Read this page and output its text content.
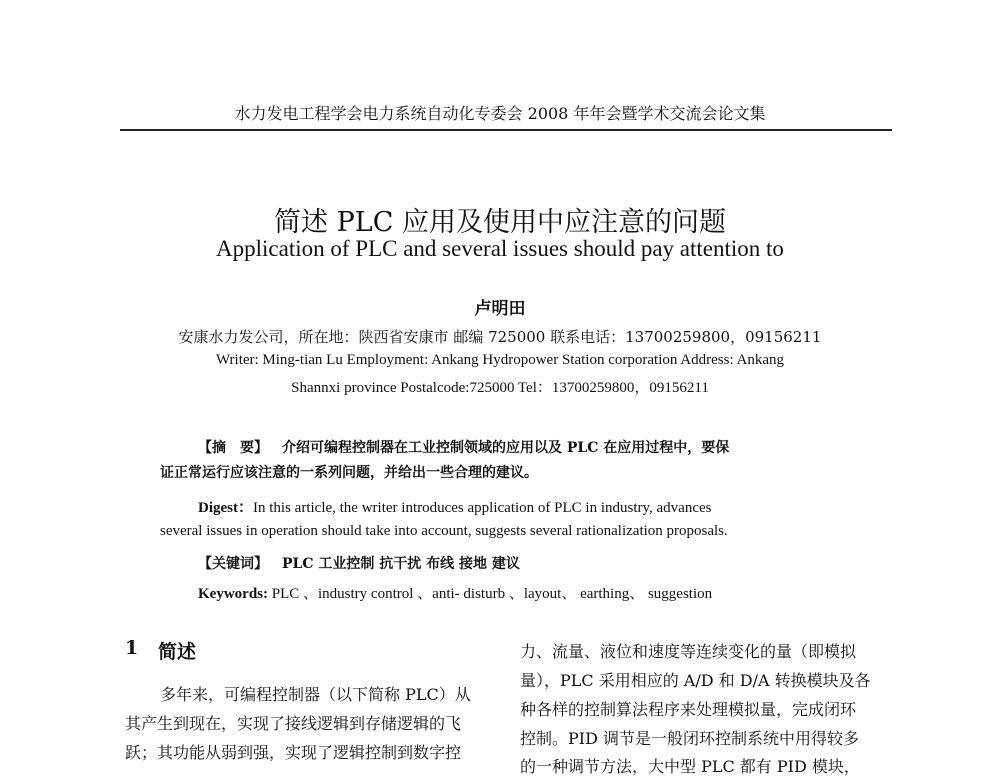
水力发电工程学会电力系统自动化专委会 2008 年年会暨学术交流会论文集
简述 PLC 应用及使用中应注意的问题
Application of PLC and several issues should pay attention to
卢明田
安康水力发公司，所在地：陕西省安康市 邮编 725000 联系电话：13700259800，09156211
Writer: Ming-tian Lu Employment: Ankang Hydropower Station corporation Address: Ankang
Shannxi province Postalcode:725000 Tel：13700259800，09156211
【摘　要】 介绍可编程控制器在工业控制领域的应用以及 PLC 在应用过程中，要保
证正常运行应该注意的一系列问题，并给出一些合理的建议。
Digest：In this article, the writer introduces application of PLC in industry, advances
several issues in operation should take into account, suggests several rationalization proposals.
【关键词】 PLC 工业控制 抗干扰 布线 接地 建议
Keywords: PLC 、industry control 、anti- disturb 、layout、 earthing、 suggestion
1 简述
多年来，可编程控制器（以下简称 PLC）从
其产生到现在，实现了接线逻辑到存储逻辑的飞
跃；其功能从弱到强，实现了逻辑控制到数字控
力、流量、液位和速度等连续变化的量（即模拟
量），PLC 采用相应的 A/D 和 D/A 转换模块及各
种各样的控制算法程序来处理模拟量，完成闭环
控制。PID 调节是一般闭环控制系统中用得较多
的一种调节方法，大中型 PLC 都有 PID 模块，
